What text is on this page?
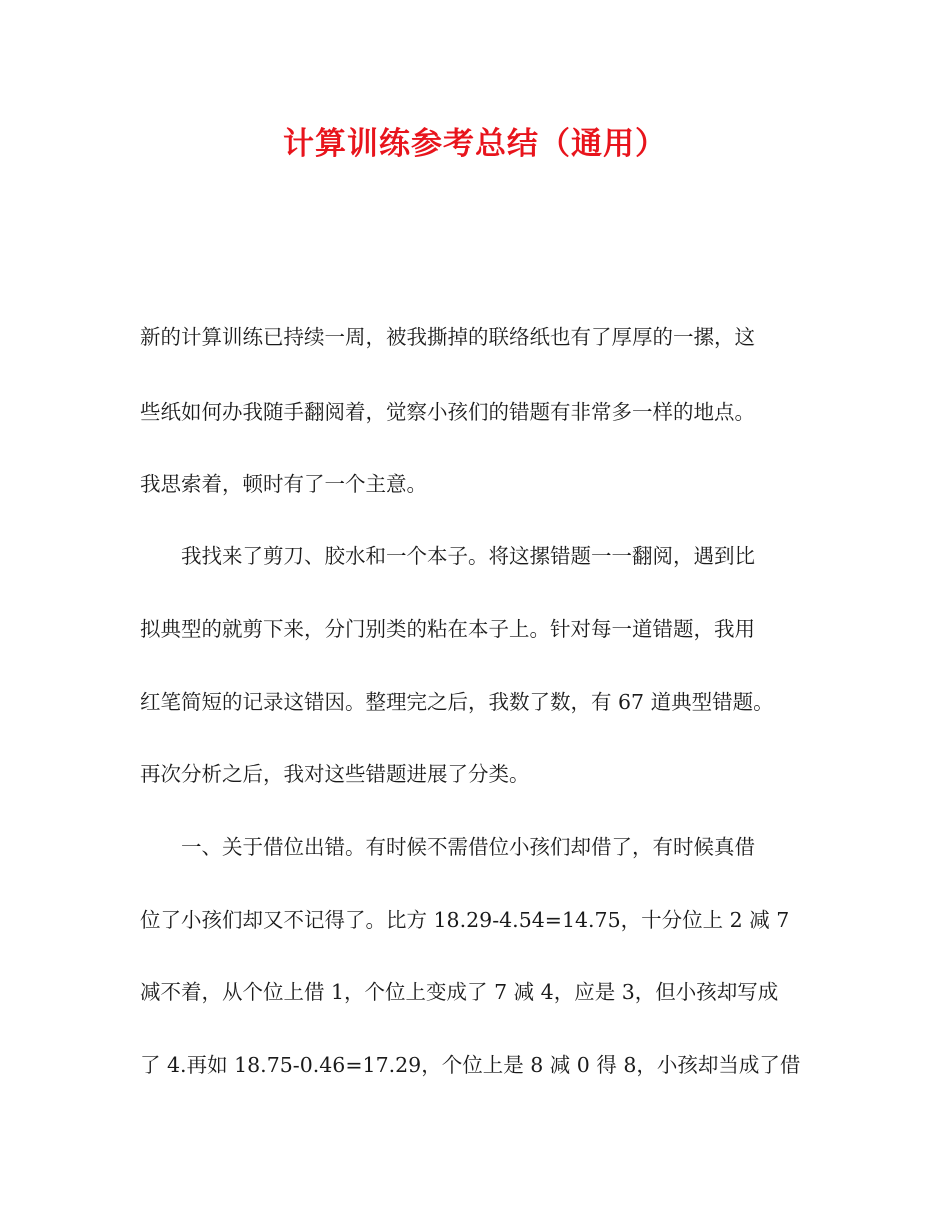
计算训练参考总结（通用）

新的计算训练已持续一周，被我撕掉的联络纸也有了厚厚的一摞，这

些纸如何办我随手翻阅着，觉察小孩们的错题有非常多一样的地点。

我思索着，顿时有了一个主意。

我找来了剪刀、胶水和一个本子。将这摞错题一一翻阅，遇到比

拟典型的就剪下来，分门别类的粘在本子上。针对每一道错题，我用

红笔简短的记录这错因。整理完之后，我数了数，有 67 道典型错题。

再次分析之后，我对这些错题进展了分类。

一、关于借位出错。有时候不需借位小孩们却借了，有时候真借

位了小孩们却又不记得了。比方 18.29-4.54=14.75，十分位上 2 减 7

减不着，从个位上借 1，个位上变成了 7 减 4，应是 3，但小孩却写成

了 4.再如 18.75-0.46=17.29，个位上是 8 减 0 得 8，小孩却当成了借
